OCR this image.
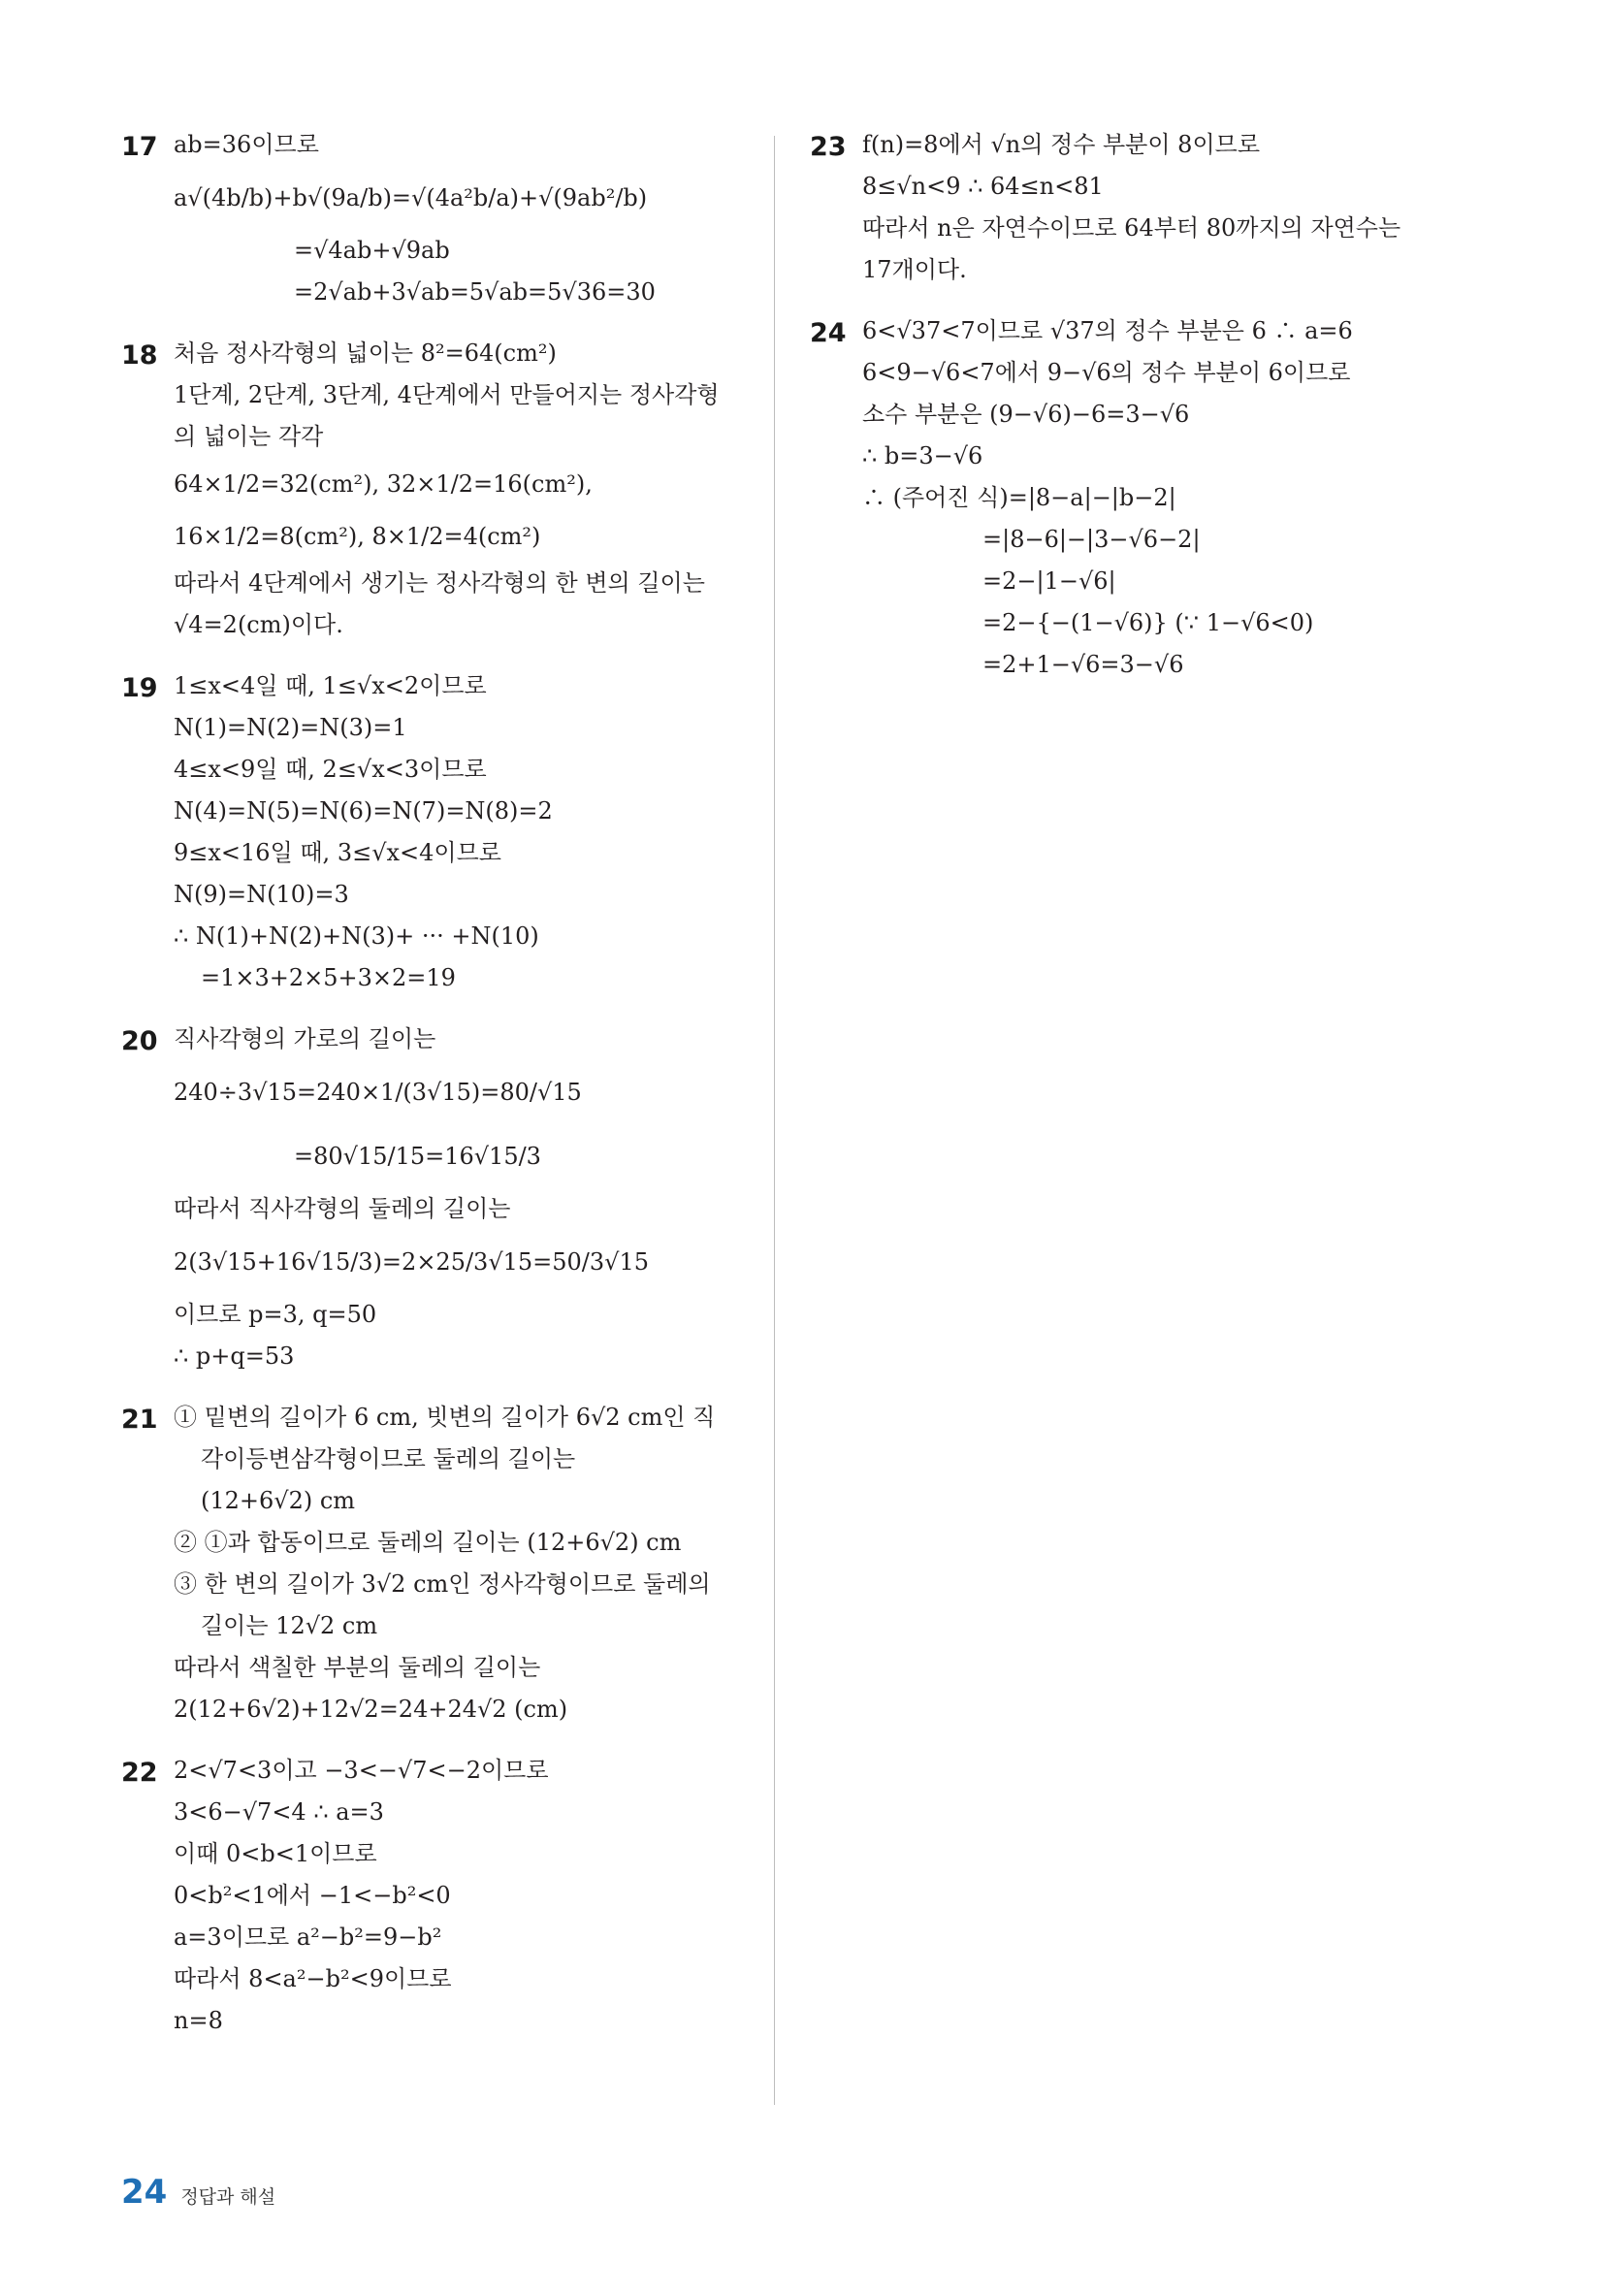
17 ab=36이므로
a√(4b/b)+b√(9a/b)=√(4a²b/a)+√(9ab²/b)
=√4ab+√9ab
=2√ab+3√ab=5√ab=5√36=30
18 처음 정사각형의 넓이는 8²=64(cm²)
1단계, 2단계, 3단계, 4단계에서 만들어지는 정사각형
의 넓이는 각각
64×1/2=32(cm²), 32×1/2=16(cm²),
16×1/2=8(cm²), 8×1/2=4(cm²)
따라서 4단계에서 생기는 정사각형의 한 변의 길이는
√4=2(cm)이다.
19 1≤x<4일 때, 1≤√x<2이므로
N(1)=N(2)=N(3)=1
4≤x<9일 때, 2≤√x<3이므로
N(4)=N(5)=N(6)=N(7)=N(8)=2
9≤x<16일 때, 3≤√x<4이므로
N(9)=N(10)=3
∴ N(1)+N(2)+N(3)+ ··· +N(10)
=1×3+2×5+3×2=19
20 직사각형의 가로의 길이는
240÷3√15=240×1/(3√15)=80/√15
=80√15/15=16√15/3
따라서 직사각형의 둘레의 길이는
2(3√15+16√15/3)=2×25/3√15=50/3√15
이므로 p=3, q=50
∴ p+q=53
21 ① 밑변의 길이가 6 cm, 빗변의 길이가 6√2 cm인 직
각이등변삼각형이므로 둘레의 길이는
(12+6√2) cm
② ①과 합동이므로 둘레의 길이는 (12+6√2) cm
③ 한 변의 길이가 3√2 cm인 정사각형이므로 둘레의
길이는 12√2 cm
따라서 색칠한 부분의 둘레의 길이는
2(12+6√2)+12√2=24+24√2 (cm)
22 2<√7<3이고 −3<−√7<−2이므로
3<6−√7<4 ∴ a=3
이때 0<b<1이므로
0<b²<1에서 −1<−b²<0
a=3이므로 a²−b²=9−b²
따라서 8<a²−b²<9이므로
n=8
23 f(n)=8에서 √n의 정수 부분이 8이므로
8≤√n<9 ∴ 64≤n<81
따라서 n은 자연수이므로 64부터 80까지의 자연수는
17개이다.
24 6<√37<7이므로 √37의 정수 부분은 6 ∴ a=6
6<9−√6<7에서 9−√6의 정수 부분이 6이므로
소수 부분은 (9−√6)−6=3−√6
∴ b=3−√6
∴ (주어진 식)=|8−a|−|b−2|
=|8−6|−|3−√6−2|
=2−|1−√6|
=2−{−(1−√6)} (∵ 1−√6<0)
=2+1−√6=3−√6
24 정답과 해설
